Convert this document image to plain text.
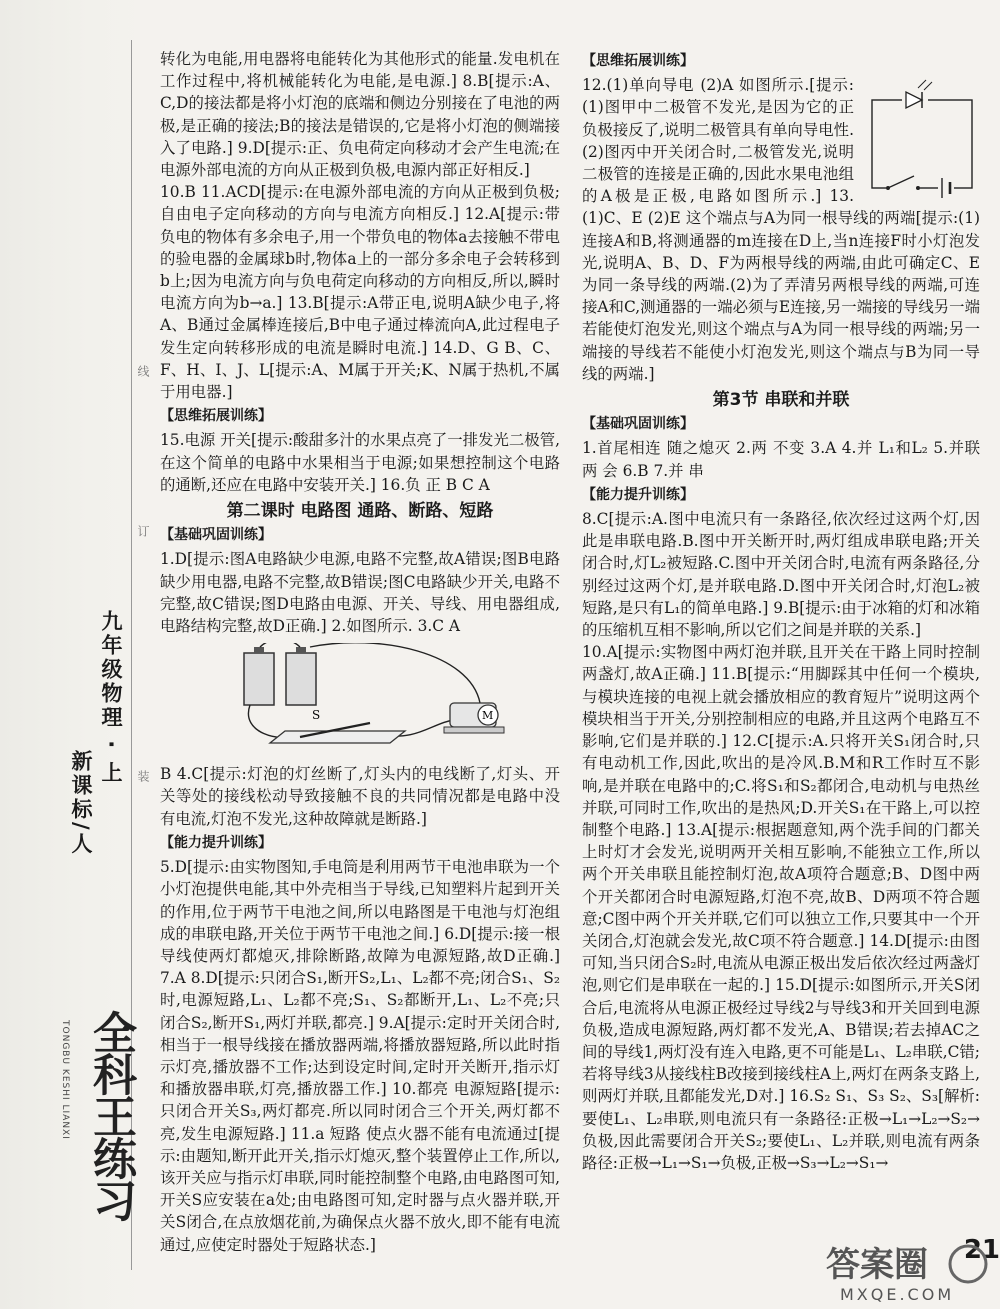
九年级物理 · 上
新课标/人	装
订
线
TONGBU KESHI LIANXI 全科王练习

转化为电能,用电器将电能转化为其他形式的能量.发电机在工作过程中,将机械能转化为电能,是电源.] 8.B[提示:A、C,D的接法都是将小灯泡的底端和侧边分别接在了电池的两极,是正确的接法;B的接法是错误的,它是将小灯泡的侧端接入了电路.] 9.D[提示:正、负电荷定向移动才会产生电流;在电源外部电流的方向从正极到负极,电源内部正好相反.]

10.B 11.ACD[提示:在电源外部电流的方向从正极到负极;自由电子定向移动的方向与电流方向相反.] 12.A[提示:带负电的物体有多余电子,用一个带负电的物体a去接触不带电的验电器的金属球b时,物体a上的一部分多余电子会转移到b上;因为电流方向与负电荷定向移动的方向相反,所以,瞬时电流方向为b→a.] 13.B[提示:A带正电,说明A缺少电子,将A、B通过金属棒连接后,B中电子通过棒流向A,此过程电子发生定向转移形成的电流是瞬时电流.] 14.D、G B、C、F、H、I、J、L[提示:A、M属于开关;K、N属于热机,不属于用电器.]

【思维拓展训练】

15.电源 开关[提示:酸甜多汁的水果点亮了一排发光二极管,在这个简单的电路中水果相当于电源;如果想控制这个电路的通断,还应在电路中安装开关.] 16.负 正 B C A

第二课时 电路图 通路、断路、短路
【基础巩固训练】

1.D[提示:图A电路缺少电源,电路不完整,故A错误;图B电路缺少用电器,电路不完整,故B错误;图C电路缺少开关,电路不完整,故C错误;图D电路由电源、开关、导线、用电器组成,电路结构完整,故D正确.] 2.如图所示. 3.C A

S	M

B 4.C[提示:灯泡的灯丝断了,灯头内的电线断了,灯头、开关等处的接线松动导致接触不良的共同情况都是电路中没有电流,灯泡不发光,这种故障就是断路.]

【能力提升训练】

5.D[提示:由实物图知,手电筒是利用两节干电池串联为一个小灯泡提供电能,其中外壳相当于导线,已知塑料片起到开关的作用,位于两节干电池之间,所以电路图是干电池与灯泡组成的串联电路,开关位于两节干电池之间.] 6.D[提示:接一根导线使两灯都熄灭,排除断路,故障为电源短路,故D正确.] 7.A 8.D[提示:只闭合S₁,断开S₂,L₁、L₂都不亮;闭合S₁、S₂时,电源短路,L₁、L₂都不亮;S₁、S₂都断开,L₁、L₂不亮;只闭合S₂,断开S₁,两灯并联,都亮.] 9.A[提示:定时开关闭合时,相当于一根导线接在播放器两端,将播放器短路,所以此时指示灯亮,播放器不工作;达到设定时间,定时开关断开,指示灯和播放器串联,灯亮,播放器工作.] 10.都亮 电源短路[提示:只闭合开关S₃,两灯都亮.所以同时闭合三个开关,两灯都不亮,发生电源短路.] 11.a 短路 使点火器不能有电流通过[提示:由题知,断开此开关,指示灯熄灭,整个装置停止工作,所以,该开关应与指示灯串联,同时能控制整个电路,由电路图可知,开关S应安装在a处;由电路图可知,定时器与点火器并联,开关S闭合,在点放烟花前,为确保点火器不放火,即不能有电流通过,应使定时器处于短路状态.]

【思维拓展训练】

12.(1)单向导电 (2)A 如图所示.[提示:(1)图甲中二极管不发光,是因为它的正负极接反了,说明二极管具有单向导电性.(2)图丙中开关闭合时,二极管发光,说明二极管的连接是正确的,因此水果电池组的A极是正极,电路如图所示.] 13.(1)C、E (2)E 这个端点与A为同一根导线的两端[提示:(1)连接A和B,将测通器的m连接在D上,当n连接F时小灯泡发光,说明A、B、D、F为两根导线的两端,由此可确定C、E为同一条导线的两端.(2)为了弄清另两根导线的两端,可连接A和C,测通器的一端必须与E连接,另一端接的导线另一端若能使灯泡发光,则这个端点与A为同一根导线的两端;另一端接的导线若不能使小灯泡发光,则这个端点与B为同一导线的两端.]

第3节 串联和并联
【基础巩固训练】

1.首尾相连 随之熄灭 2.两 不变 3.A 4.并 L₁和L₂ 5.并联 两 会 6.B 7.并 串

【能力提升训练】

8.C[提示:A.图中电流只有一条路径,依次经过这两个灯,因此是串联电路.B.图中开关断开时,两灯组成串联电路;开关闭合时,灯L₂被短路.C.图中开关闭合时,电流有两条路径,分别经过这两个灯,是并联电路.D.图中开关闭合时,灯泡L₂被短路,是只有L₁的简单电路.] 9.B[提示:由于冰箱的灯和冰箱的压缩机互相不影响,所以它们之间是并联的关系.]

10.A[提示:实物图中两灯泡并联,且开关在干路上同时控制两盏灯,故A正确.] 11.B[提示:“用脚踩其中任何一个模块,与模块连接的电视上就会播放相应的教育短片”说明这两个模块相当于开关,分别控制相应的电路,并且这两个电路互不影响,它们是并联的.] 12.C[提示:A.只将开关S₁闭合时,只有电动机工作,因此,吹出的是冷风.B.M和R工作时互不影响,是并联在电路中的;C.将S₁和S₂都闭合,电动机与电热丝并联,可同时工作,吹出的是热风;D.开关S₁在干路上,可以控制整个电路.] 13.A[提示:根据题意知,两个洗手间的门都关上时灯才会发光,说明两开关相互影响,不能独立工作,所以两个开关串联且能控制灯泡,故A项符合题意;B、D图中两个开关都闭合时电源短路,灯泡不亮,故B、D两项不符合题意;C图中两个开关并联,它们可以独立工作,只要其中一个开关闭合,灯泡就会发光,故C项不符合题意.] 14.D[提示:由图可知,当只闭合S₂时,电流从电源正极出发后依次经过两盏灯泡,则它们是串联在一起的.] 15.D[提示:如图所示,开关S闭合后,电流将从电源正极经过导线2与导线3和开关回到电源负极,造成电源短路,两灯都不发光,A、B错误;若去掉AC之间的导线1,两灯没有连入电路,更不可能是L₁、L₂串联,C错;若将导线3从接线柱B改接到接线柱A上,两灯在两条支路上,则两灯并联,且都能发光,D对.] 16.S₂ S₁、S₃ S₂、S₃[解析:要使L₁、L₂串联,则电流只有一条路径:正极→L₁→L₂→S₂→负极,因此需要闭合开关S₂;要使L₁、L₂并联,则电流有两条路径:正极→L₁→S₁→负极,正极→S₃→L₂→S₁→

21
答案圈
MXQE.COM
